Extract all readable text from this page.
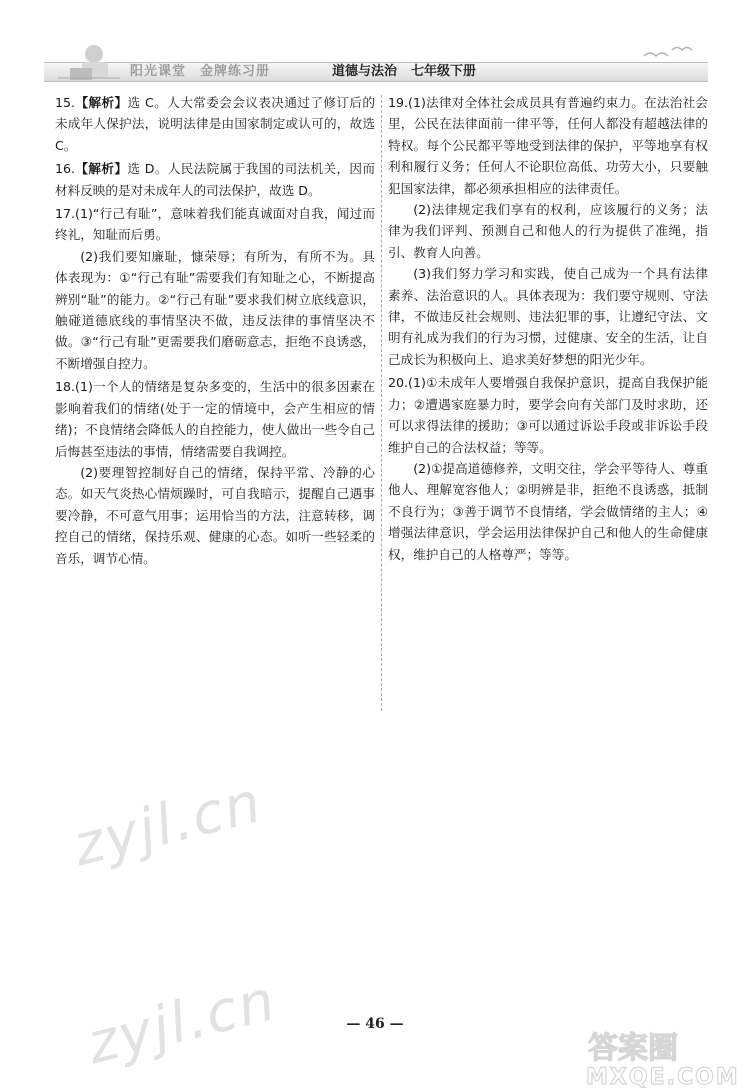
阳光课堂 金牌练习册	道德与法治 七年级下册

15.【解析】选 C。人大常委会会议表决通过了修订后的未成年人保护法，说明法律是由国家制定或认可的，故选 C。

16.【解析】选 D。人民法院属于我国的司法机关，因而材料反映的是对未成年人的司法保护，故选 D。

17.(1)“行己有耻”，意味着我们能真诚面对自我，闻过而终礼，知耻而后勇。

(2)我们要知廉耻，慷荣辱；有所为，有所不为。具体表现为：①“行己有耻”需要我们有知耻之心，不断提高辨别“耻”的能力。②“行己有耻”要求我们树立底线意识，触碰道德底线的事情坚决不做，违反法律的事情坚决不做。③“行己有耻”更需要我们磨砺意志，拒绝不良诱惑，不断增强自控力。

18.(1)一个人的情绪是复杂多变的，生活中的很多因素在影响着我们的情绪(处于一定的情境中，会产生相应的情绪)；不良情绪会降低人的自控能力，使人做出一些令自己后悔甚至违法的事情，情绪需要自我调控。

(2)要理智控制好自己的情绪，保持平常、冷静的心态。如天气炎热心情烦躁时，可自我暗示，提醒自己遇事要冷静，不可意气用事；运用恰当的方法，注意转移，调控自己的情绪，保持乐观、健康的心态。如听一些轻柔的音乐，调节心情。

19.(1)法律对全体社会成员具有普遍约束力。在法治社会里，公民在法律面前一律平等，任何人都没有超越法律的特权。每个公民都平等地受到法律的保护，平等地享有权利和履行义务；任何人不论职位高低、功劳大小，只要触犯国家法律，都必须承担相应的法律责任。

(2)法律规定我们享有的权利，应该履行的义务；法律为我们评判、预测自己和他人的行为提供了准绳，指引、教育人向善。

(3)我们努力学习和实践，使自己成为一个具有法律素养、法治意识的人。具体表现为：我们要守规则、守法律，不做违反社会规则、违法犯罪的事，让遵纪守法、文明有礼成为我们的行为习惯，过健康、安全的生活，让自己成长为积极向上、追求美好梦想的阳光少年。

20.(1)①未成年人要增强自我保护意识，提高自我保护能力；②遭遇家庭暴力时，要学会向有关部门及时求助，还可以求得法律的援助；③可以通过诉讼手段或非诉讼手段维护自己的合法权益；等等。

(2)①提高道德修养，文明交往，学会平等待人、尊重他人、理解宽容他人；②明辨是非，拒绝不良诱惑，抵制不良行为；③善于调节不良情绪，学会做情绪的主人；④增强法律意识，学会运用法律保护自己和他人的生命健康权，维护自己的人格尊严；等等。

zyjl.cn
zyjl.cn	— 46 —
答案圈
MXQE.COM
